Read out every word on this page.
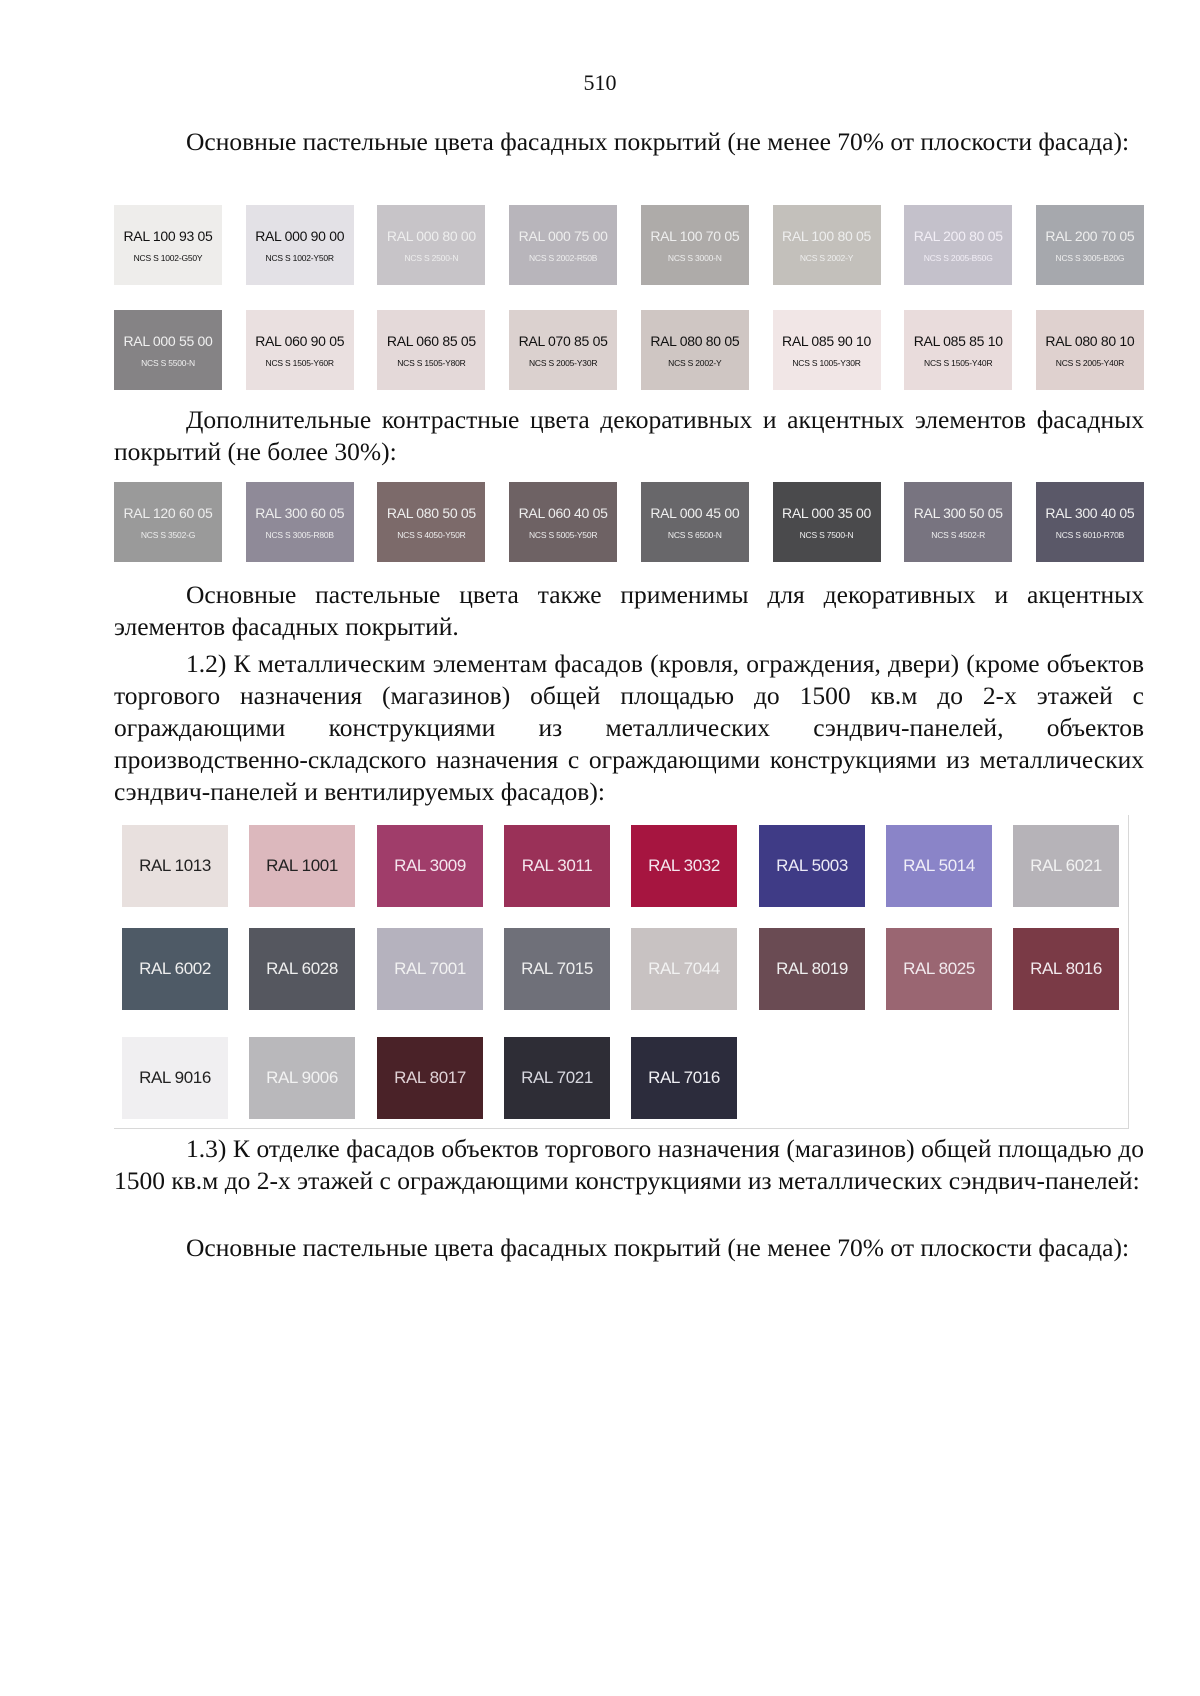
510
Основные пастельные цвета фасадных покрытий (не менее 70% от плоскости фасада):
RAL 100 93 05
NCS S 1002-G50Y
RAL 000 90 00
NCS S 1002-Y50R
RAL 000 80 00
NCS S 2500-N
RAL 000 75 00
NCS S 2002-R50B
RAL 100 70 05
NCS S 3000-N
RAL 100 80 05
NCS S 2002-Y
RAL 200 80 05
NCS S 2005-B50G
RAL 200 70 05
NCS S 3005-B20G
RAL 000 55 00
NCS S 5500-N
RAL 060 90 05
NCS S 1505-Y60R
RAL 060 85 05
NCS S 1505-Y80R
RAL 070 85 05
NCS S 2005-Y30R
RAL 080 80 05
NCS S 2002-Y
RAL 085 90 10
NCS S 1005-Y30R
RAL 085 85 10
NCS S 1505-Y40R
RAL 080 80 10
NCS S 2005-Y40R
Дополнительные контрастные цвета декоративных и акцентных элементов фасадных покрытий (не более 30%):
RAL 120 60 05
NCS S 3502-G
RAL 300 60 05
NCS S 3005-R80B
RAL 080 50 05
NCS S 4050-Y50R
RAL 060 40 05
NCS S 5005-Y50R
RAL 000 45 00
NCS S 6500-N
RAL 000 35 00
NCS S 7500-N
RAL 300 50 05
NCS S 4502-R
RAL 300 40 05
NCS S 6010-R70B
Основные пастельные цвета также применимы для декоративных и акцентных элементов фасадных покрытий.
1.2) К металлическим элементам фасадов (кровля, ограждения, двери) (кроме объектов торгового назначения (магазинов) общей площадью до 1500 кв.м до 2-х этажей с ограждающими конструкциями из металлических сэндвич-панелей, объектов производственно-складского назначения с ограждающими конструкциями из металлических сэндвич-панелей и вентилируемых фасадов):
RAL 1013	RAL 1001	RAL 3009	RAL 3011	RAL 3032	RAL 5003	RAL 5014	RAL 6021
RAL 6002	RAL 6028	RAL 7001	RAL 7015	RAL 7044	RAL 8019	RAL 8025	RAL 8016
RAL 9016	RAL 9006	RAL 8017	RAL 7021	RAL 7016
1.3) К отделке фасадов объектов торгового назначения (магазинов) общей площадью до 1500 кв.м до 2-х этажей с ограждающими конструкциями из металлических сэндвич-панелей:
Основные пастельные цвета фасадных покрытий (не менее 70% от плоскости фасада):
